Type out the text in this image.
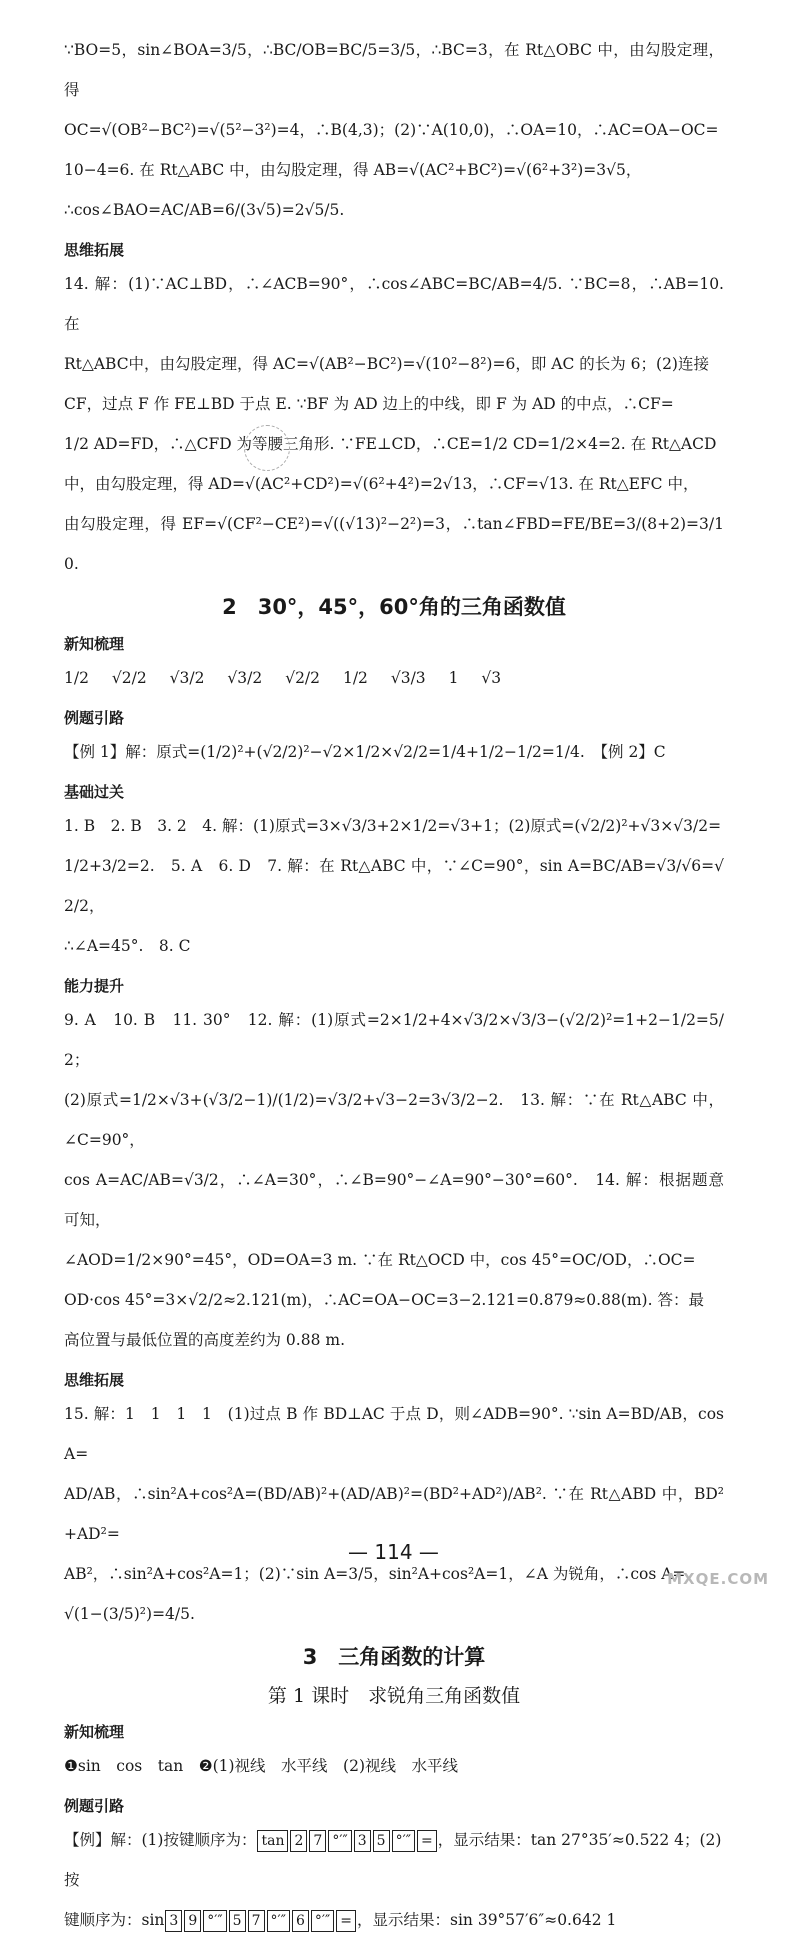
∵BO=5，sin∠BOA=3/5，∴BC/OB=BC/5=3/5，∴BC=3，在 Rt△OBC 中，由勾股定理，得

OC=√(OB²−BC²)=√(5²−3²)=4，∴B(4,3)；(2)∵A(10,0)，∴OA=10，∴AC=OA−OC=

10−4=6. 在 Rt△ABC 中，由勾股定理，得 AB=√(AC²+BC²)=√(6²+3²)=3√5，

∴cos∠BAO=AC/AB=6/(3√5)=2√5/5.

思维拓展

14. 解：(1)∵AC⊥BD，∴∠ACB=90°，∴cos∠ABC=BC/AB=4/5. ∵BC=8，∴AB=10. 在

Rt△ABC中，由勾股定理，得 AC=√(AB²−BC²)=√(10²−8²)=6，即 AC 的长为 6；(2)连接

CF，过点 F 作 FE⊥BD 于点 E. ∵BF 为 AD 边上的中线，即 F 为 AD 的中点，∴CF=

1/2 AD=FD，∴△CFD 为等腰三角形. ∵FE⊥CD，∴CE=1/2 CD=1/2×4=2. 在 Rt△ACD

中，由勾股定理，得 AD=√(AC²+CD²)=√(6²+4²)=2√13，∴CF=√13. 在 Rt△EFC 中，

由勾股定理，得 EF=√(CF²−CE²)=√((√13)²−2²)=3，∴tan∠FBD=FE/BE=3/(8+2)=3/10.

2　30°，45°，60°角的三角函数值
新知梳理
1/2 √2/2 √3/2 √3/2 √2/2 1/2 √3/3 1 √3
例题引路

【例 1】解：原式=(1/2)²+(√2/2)²−√2×1/2×√2/2=1/4+1/2−1/2=1/4.　【例 2】C

基础过关

1. B　2. B　3. 2　4. 解：(1)原式=3×√3/3+2×1/2=√3+1；(2)原式=(√2/2)²+√3×√3/2=

1/2+3/2=2.　5. A　6. D　7. 解：在 Rt△ABC 中，∵∠C=90°，sin A=BC/AB=√3/√6=√2/2，

∴∠A=45°.　8. C

能力提升

9. A　10. B　11. 30°　12. 解：(1)原式=2×1/2+4×√3/2×√3/3−(√2/2)²=1+2−1/2=5/2；

(2)原式=1/2×√3+(√3/2−1)/(1/2)=√3/2+√3−2=3√3/2−2.　13. 解：∵在 Rt△ABC 中，∠C=90°，

cos A=AC/AB=√3/2，∴∠A=30°，∴∠B=90°−∠A=90°−30°=60°.　14. 解：根据题意可知，

∠AOD=1/2×90°=45°，OD=OA=3 m. ∵在 Rt△OCD 中，cos 45°=OC/OD，∴OC=

OD·cos 45°=3×√2/2≈2.121(m)，∴AC=OA−OC=3−2.121=0.879≈0.88(m). 答：最

高位置与最低位置的高度差约为 0.88 m.

思维拓展

15. 解：1　1　1　1　(1)过点 B 作 BD⊥AC 于点 D，则∠ADB=90°. ∵sin A=BD/AB，cos A=

AD/AB，∴sin²A+cos²A=(BD/AB)²+(AD/AB)²=(BD²+AD²)/AB². ∵在 Rt△ABD 中，BD²+AD²=

AB²，∴sin²A+cos²A=1；(2)∵sin A=3/5，sin²A+cos²A=1，∠A 为锐角，∴cos A=

√(1−(3/5)²)=4/5.

3　三角函数的计算
第 1 课时　求锐角三角函数值
新知梳理

❶sin　cos　tan　❷(1)视线　水平线　(2)视线　水平线

例题引路
【例】解：(1)按键顺序为： tan 2 7 °′″ 3 5 °′″ = ，显示结果：tan 27°35′≈0.522 4；(2)按
键顺序为：sin 3 9 °′″ 5 7 °′″ 6 °′″ = ，显示结果：sin 39°57′6″≈0.642 1
— 114 —
MXQE.COM
